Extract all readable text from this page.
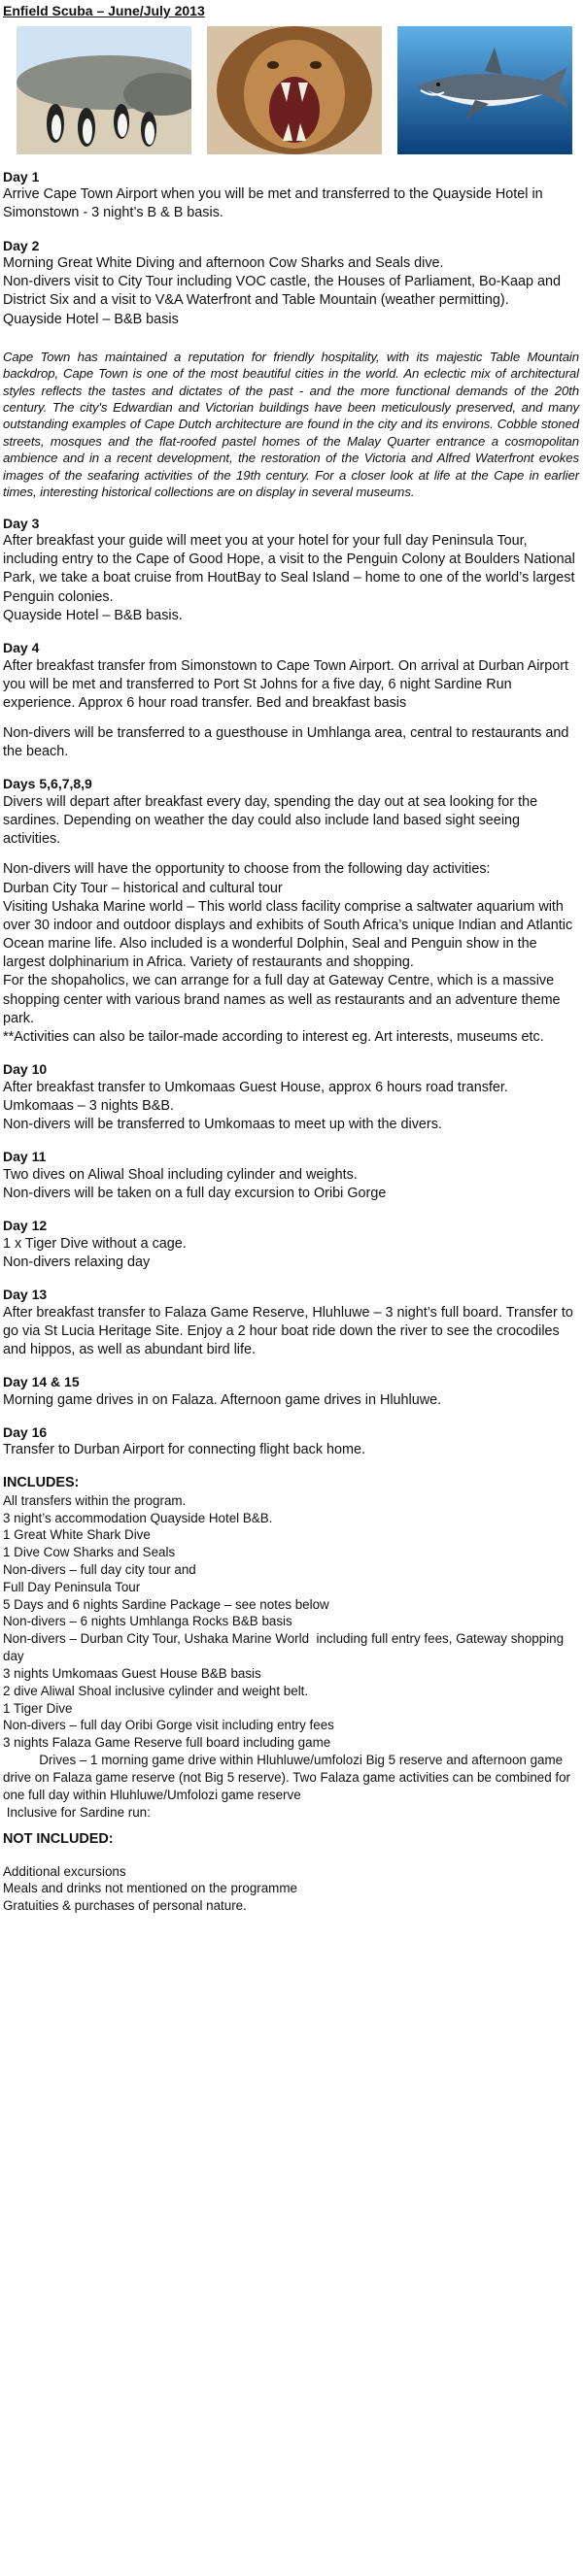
Enfield Scuba – June/July 2013
Day 1
Arrive Cape Town Airport when you will be met and transferred to the Quayside Hotel in Simonstown - 3 night’s B & B basis.
Day 2
Morning Great White Diving and afternoon Cow Sharks and Seals dive.
Non-divers visit to City Tour including VOC castle, the Houses of Parliament, Bo-Kaap and District Six and a visit to V&A Waterfront and Table Mountain (weather permitting).
Quayside Hotel – B&B basis
Cape Town has maintained a reputation for friendly hospitality, with its majestic Table Mountain backdrop, Cape Town is one of the most beautiful cities in the world. An eclectic mix of architectural styles reflects the tastes and dictates of the past - and the more functional demands of the 20th century. The city's Edwardian and Victorian buildings have been meticulously preserved, and many outstanding examples of Cape Dutch architecture are found in the city and its environs. Cobble stoned streets, mosques and the flat-roofed pastel homes of the Malay Quarter entrance a cosmopolitan ambience and in a recent development, the restoration of the Victoria and Alfred Waterfront evokes images of the seafaring activities of the 19th century. For a closer look at life at the Cape in earlier times, interesting historical collections are on display in several museums.
Day 3
After breakfast your guide will meet you at your hotel for your full day Peninsula Tour, including entry to the Cape of Good Hope, a visit to the Penguin Colony at Boulders National Park, we take a boat cruise from HoutBay to Seal Island – home to one of the world’s largest Penguin colonies.
Quayside Hotel – B&B basis.
Day 4
After breakfast transfer from Simonstown to Cape Town Airport. On arrival at Durban Airport you will be met and transferred to Port St Johns for a five day, 6 night Sardine Run experience. Approx 6 hour road transfer. Bed and breakfast basis
Non-divers will be transferred to a guesthouse in Umhlanga area, central to restaurants and the beach.
Days 5,6,7,8,9
Divers will depart after breakfast every day, spending the day out at sea looking for the sardines. Depending on weather the day could also include land based sight seeing activities.
Non-divers will have the opportunity to choose from the following day activities:
Durban City Tour – historical and cultural tour
Visiting Ushaka Marine world – This world class facility comprise a saltwater aquarium with over 30 indoor and outdoor displays and exhibits of South Africa’s unique Indian and Atlantic Ocean marine life. Also included is a wonderful Dolphin, Seal and Penguin show in the largest dolphinarium in Africa. Variety of restaurants and shopping.
For the shopaholics, we can arrange for a full day at Gateway Centre, which is a massive shopping center with various brand names as well as restaurants and an adventure theme park.
**Activities can also be tailor-made according to interest eg. Art interests, museums etc.
Day 10
After breakfast transfer to Umkomaas Guest House, approx 6 hours road transfer. Umkomaas – 3 nights B&B.
Non-divers will be transferred to Umkomaas to meet up with the divers.
Day 11
Two dives on Aliwal Shoal including cylinder and weights.
Non-divers will be taken on a full day excursion to Oribi Gorge
Day 12
1 x Tiger Dive without a cage.
Non-divers relaxing day
Day 13
After breakfast transfer to Falaza Game Reserve, Hluhluwe – 3 night’s full board. Transfer to go via St Lucia Heritage Site. Enjoy a 2 hour boat ride down the river to see the crocodiles and hippos, as well as abundant bird life.
Day 14 & 15
Morning game drives in on Falaza. Afternoon game drives in Hluhluwe.
Day 16
Transfer to Durban Airport for connecting flight back home.
INCLUDES:
All transfers within the program.
3 night’s accommodation Quayside Hotel B&B.
1 Great White Shark Dive
1 Dive Cow Sharks and Seals
Non-divers – full day city tour and
Full Day Peninsula Tour
5 Days and 6 nights Sardine Package – see notes below
Non-divers – 6 nights Umhlanga Rocks B&B basis
Non-divers – Durban City Tour, Ushaka Marine World  including full entry fees, Gateway shopping day
3 nights Umkomaas Guest House B&B basis
2 dive Aliwal Shoal inclusive cylinder and weight belt.
1 Tiger Dive
Non-divers – full day Oribi Gorge visit including entry fees
3 nights Falaza Game Reserve full board including game
Drives – 1 morning game drive within Hluhluwe/umfolozi Big 5 reserve and afternoon game drive on Falaza game reserve (not Big 5 reserve). Two Falaza game activities can be combined for one full day within Hluhluwe/Umfolozi game reserve
Inclusive for Sardine run:
NOT INCLUDED:
Additional excursions
Meals and drinks not mentioned on the programme
Gratuities & purchases of personal nature.
